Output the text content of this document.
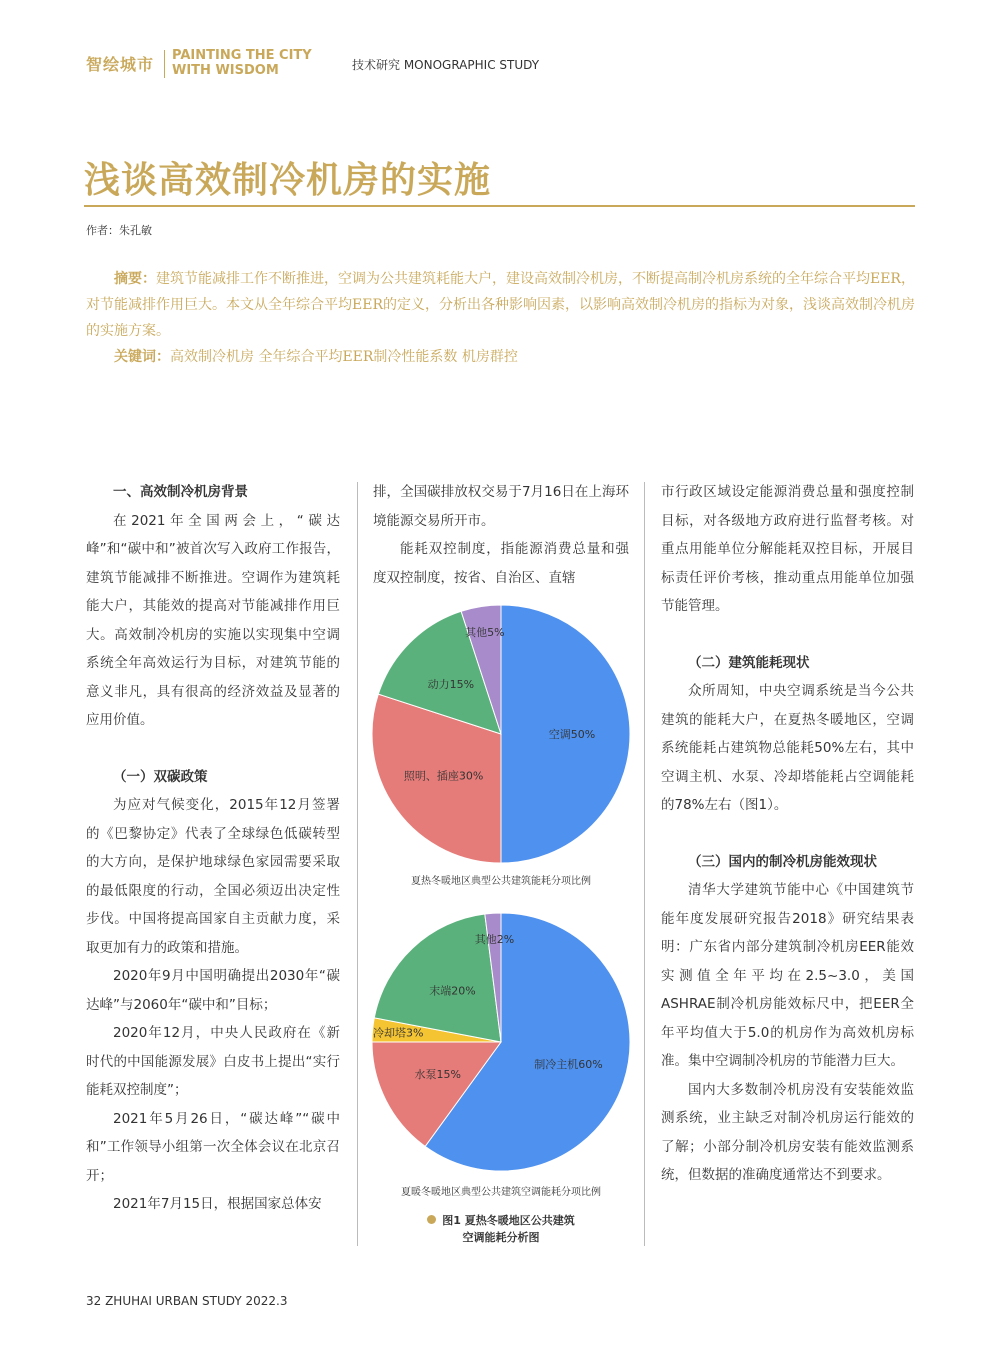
智绘城市 PAINTING THE CITY
WITH WISDOM	技术研究 MONOGRAPHIC STUDY
浅谈高效制冷机房的实施
作者：朱孔敏

摘要：建筑节能减排工作不断推进，空调为公共建筑耗能大户，建设高效制冷机房，不断提高制冷机房系统的全年综合平均EER，对节能减排作用巨大。本文从全年综合平均EER的定义，分析出各种影响因素，以影响高效制冷机房的指标为对象，浅谈高效制冷机房的实施方案。

关键词：高效制冷机房 全年综合平均EER制冷性能系数 机房群控

一、高效制冷机房背景

在2021年全国两会上，“碳达峰”和“碳中和”被首次写入政府工作报告，建筑节能减排不断推进。空调作为建筑耗能大户，其能效的提高对节能减排作用巨大。高效制冷机房的实施以实现集中空调系统全年高效运行为目标，对建筑节能的意义非凡，具有很高的经济效益及显著的应用价值。

（一）双碳政策

为应对气候变化，2015年12月签署的《巴黎协定》代表了全球绿色低碳转型的大方向，是保护地球绿色家园需要采取的最低限度的行动，全国必须迈出决定性步伐。中国将提高国家自主贡献力度，采取更加有力的政策和措施。

2020年9月中国明确提出2030年“碳达峰”与2060年“碳中和”目标；

2020年12月，中央人民政府在《新时代的中国能源发展》白皮书上提出“实行能耗双控制度”；

2021年5月26日，“碳达峰”“碳中和”工作领导小组第一次全体会议在北京召开；

2021年7月15日，根据国家总体安

排，全国碳排放权交易于7月16日在上海环境能源交易所开市。

能耗双控制度，指能源消费总量和强度双控制度，按省、自治区、直辖

空调50%
照明、插座30%
动力15%
其他5%
夏热冬暖地区典型公共建筑能耗分项比例
制冷主机60%
水泵15%
冷却塔3%
末端20%
其他2%
夏暖冬暖地区典型公共建筑空调能耗分项比例
图1 夏热冬暖地区公共建筑
空调能耗分析图

市行政区域设定能源消费总量和强度控制目标，对各级地方政府进行监督考核。对重点用能单位分解能耗双控目标，开展目标责任评价考核，推动重点用能单位加强节能管理。

（二）建筑能耗现状

众所周知，中央空调系统是当今公共建筑的能耗大户，在夏热冬暖地区，空调系统能耗占建筑物总能耗50%左右，其中空调主机、水泵、冷却塔能耗占空调能耗的78%左右（图1）。

（三）国内的制冷机房能效现状

清华大学建筑节能中心《中国建筑节能年度发展研究报告2018》研究结果表明：广东省内部分建筑制冷机房EER能效实测值全年平均在2.5~3.0，美国ASHRAE制冷机房能效标尺中，把EER全年平均值大于5.0的机房作为高效机房标准。集中空调制冷机房的节能潜力巨大。

国内大多数制冷机房没有安装能效监测系统，业主缺乏对制冷机房运行能效的了解；小部分制冷机房安装有能效监测系统，但数据的准确度通常达不到要求。

32 ZHUHAI URBAN STUDY 2022.3
